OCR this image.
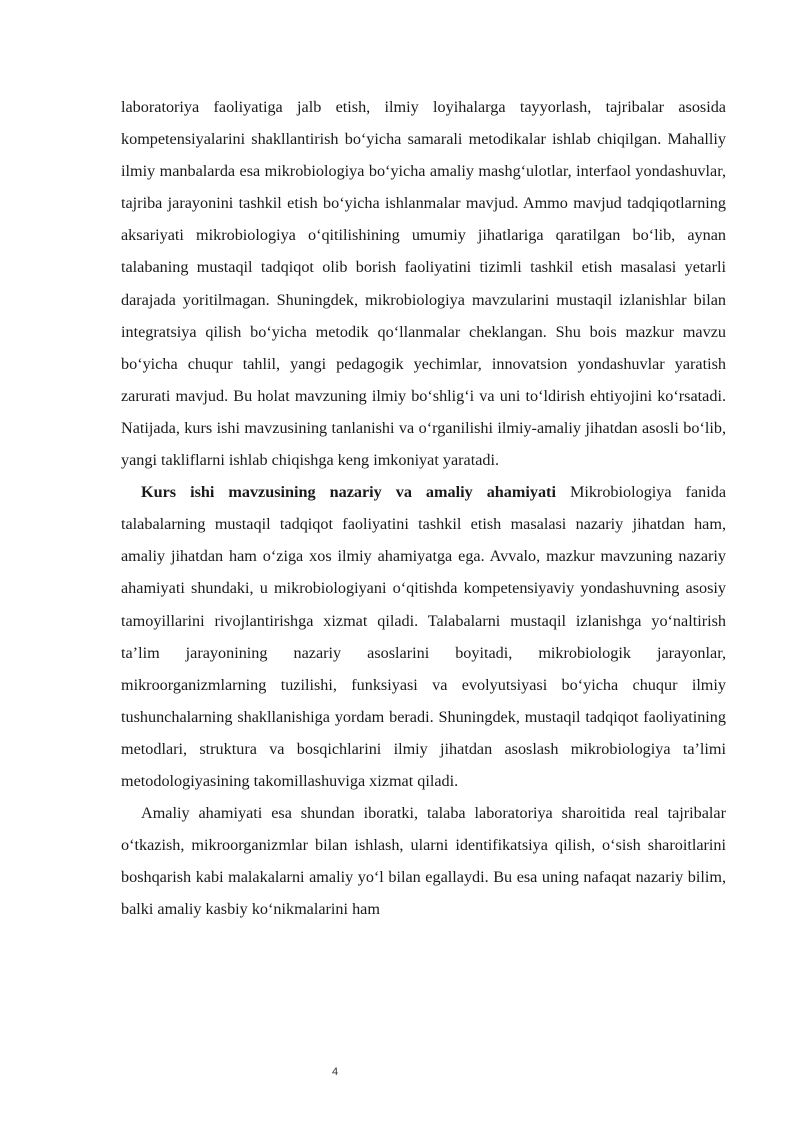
laboratoriya faoliyatiga jalb etish, ilmiy loyihalarga tayyorlash, tajribalar asosida kompetensiyalarini shakllantirish bo‘yicha samarali metodikalar ishlab chiqilgan. Mahalliy ilmiy manbalarda esa mikrobiologiya bo‘yicha amaliy mashg‘ulotlar, interfaol yondashuvlar, tajriba jarayonini tashkil etish bo‘yicha ishlanmalar mavjud. Ammo mavjud tadqiqotlarning aksariyati mikrobiologiya o‘qitilishining umumiy jihatlariga qaratilgan bo‘lib, aynan talabaning mustaqil tadqiqot olib borish faoliyatini tizimli tashkil etish masalasi yetarli darajada yoritilmagan. Shuningdek, mikrobiologiya mavzularini mustaqil izlanishlar bilan integratsiya qilish bo‘yicha metodik qo‘llanmalar cheklangan. Shu bois mazkur mavzu bo‘yicha chuqur tahlil, yangi pedagogik yechimlar, innovatsion yondashuvlar yaratish zarurati mavjud. Bu holat mavzuning ilmiy bo‘shlig‘i va uni to‘ldirish ehtiyojini ko‘rsatadi. Natijada, kurs ishi mavzusining tanlanishi va o‘rganilishi ilmiy-amaliy jihatdan asosli bo‘lib, yangi takliflarni ishlab chiqishga keng imkoniyat yaratadi.

Kurs ishi mavzusining nazariy va amaliy ahamiyati Mikrobiologiya fanida talabalarning mustaqil tadqiqot faoliyatini tashkil etish masalasi nazariy jihatdan ham, amaliy jihatdan ham o‘ziga xos ilmiy ahamiyatga ega. Avvalo, mazkur mavzuning nazariy ahamiyati shundaki, u mikrobiologiyani o‘qitishda kompetensiyaviy yondashuvning asosiy tamoyillarini rivojlantirishga xizmat qiladi. Talabalarni mustaqil izlanishga yo‘naltirish ta’lim jarayonining nazariy asoslarini boyitadi, mikrobiologik jarayonlar, mikroorganizmlarning tuzilishi, funksiyasi va evolyutsiyasi bo‘yicha chuqur ilmiy tushunchalarning shakllanishiga yordam beradi. Shuningdek, mustaqil tadqiqot faoliyatining metodlari, struktura va bosqichlarini ilmiy jihatdan asoslash mikrobiologiya ta’limi metodologiyasining takomillashuviga xizmat qiladi.

Amaliy ahamiyati esa shundan iboratki, talaba laboratoriya sharoitida real tajribalar o‘tkazish, mikroorganizmlar bilan ishlash, ularni identifikatsiya qilish, o‘sish sharoitlarini boshqarish kabi malakalarni amaliy yo‘l bilan egallaydi. Bu esa uning nafaqat nazariy bilim, balki amaliy kasbiy ko‘nikmalarini ham

4
